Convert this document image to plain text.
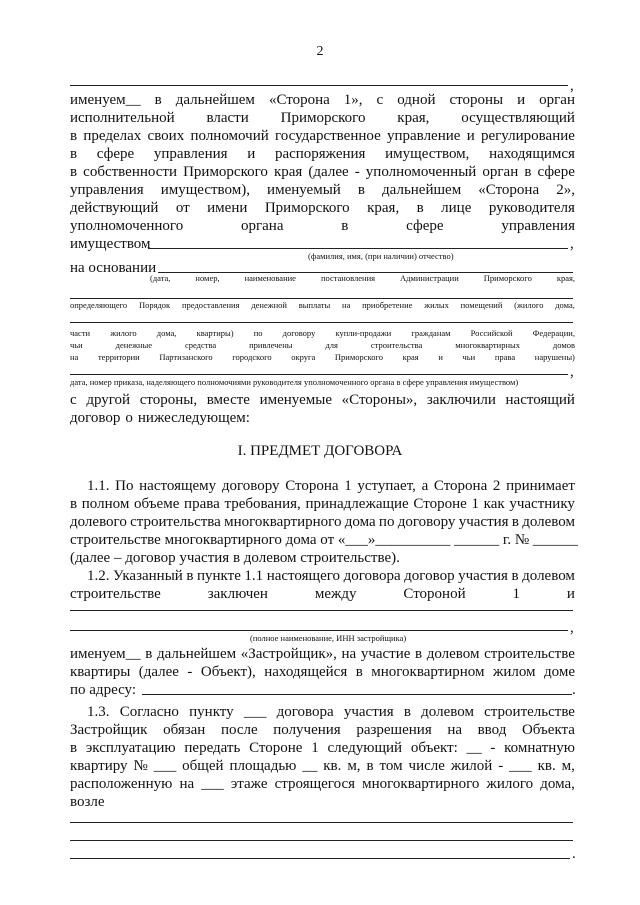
2
,
именуем__ в дальнейшем «Сторона 1», с одной стороны и орган
исполнительной власти Приморского края, осуществляющий
в пределах своих полномочий государственное управление и регулирование
в сфере управления и распоряжения имуществом, находящимся
в собственности Приморского края (далее - уполномоченный орган в сфере
управления имуществом), именуемый в дальнейшем «Сторона 2»,
действующий от имени Приморского края, в лице руководителя
уполномоченного	органа	в	сфере	управления
имуществом	,
(фамилия, имя, (при наличии) отчество)
на основании
(дата,	номер,	наименование	постановления	Администрации	Приморского	края,
определяющего Порядок предоставления денежной выплаты на приобретение жилых помещений (жилого дома,
части жилого дома, квартиры) по договору купли-продажи гражданам Российской Федерации,
чьи	денежные	средства	привлечены	для	строительства	многоквартирных	домов
на территории Партизанского городского округа Приморского края и чьи права нарушены)
,
дата, номер приказа, наделяющего полномочиями руководителя уполномоченного органа в сфере управления имуществом)
с другой стороны, вместе именуемые «Стороны», заключили настоящий
договор о нижеследующем:
I. ПРЕДМЕТ ДОГОВОРА
1.1. По настоящему договору Сторона 1 уступает, а Сторона 2 принимает
в полном объеме права требования, принадлежащие Стороне 1 как участнику
долевого строительства многоквартирного дома по договору участия в долевом
строительстве многоквартирного дома от «___»__________ ______ г. № ______
(далее – договор участия в долевом строительстве).
1.2. Указанный в пункте 1.1 настоящего договора договор участия в долевом
строительстве	заключен	между	Стороной	1	и
,
(полное наименование, ИНН застройщика)
именуем__ в дальнейшем «Застройщик», на участие в долевом строительстве
квартиры (далее - Объект), находящейся в многоквартирном жилом доме
по адресу:	.
1.3. Согласно пункту ___ договора участия в долевом строительстве
Застройщик обязан после получения разрешения на ввод Объекта
в эксплуатацию передать Стороне 1 следующий объект: __ - комнатную
квартиру № ___ общей площадью __ кв. м, в том числе жилой - ___ кв. м,
расположенную на ___ этаже строящегося многоквартирного жилого дома,
возле
.
